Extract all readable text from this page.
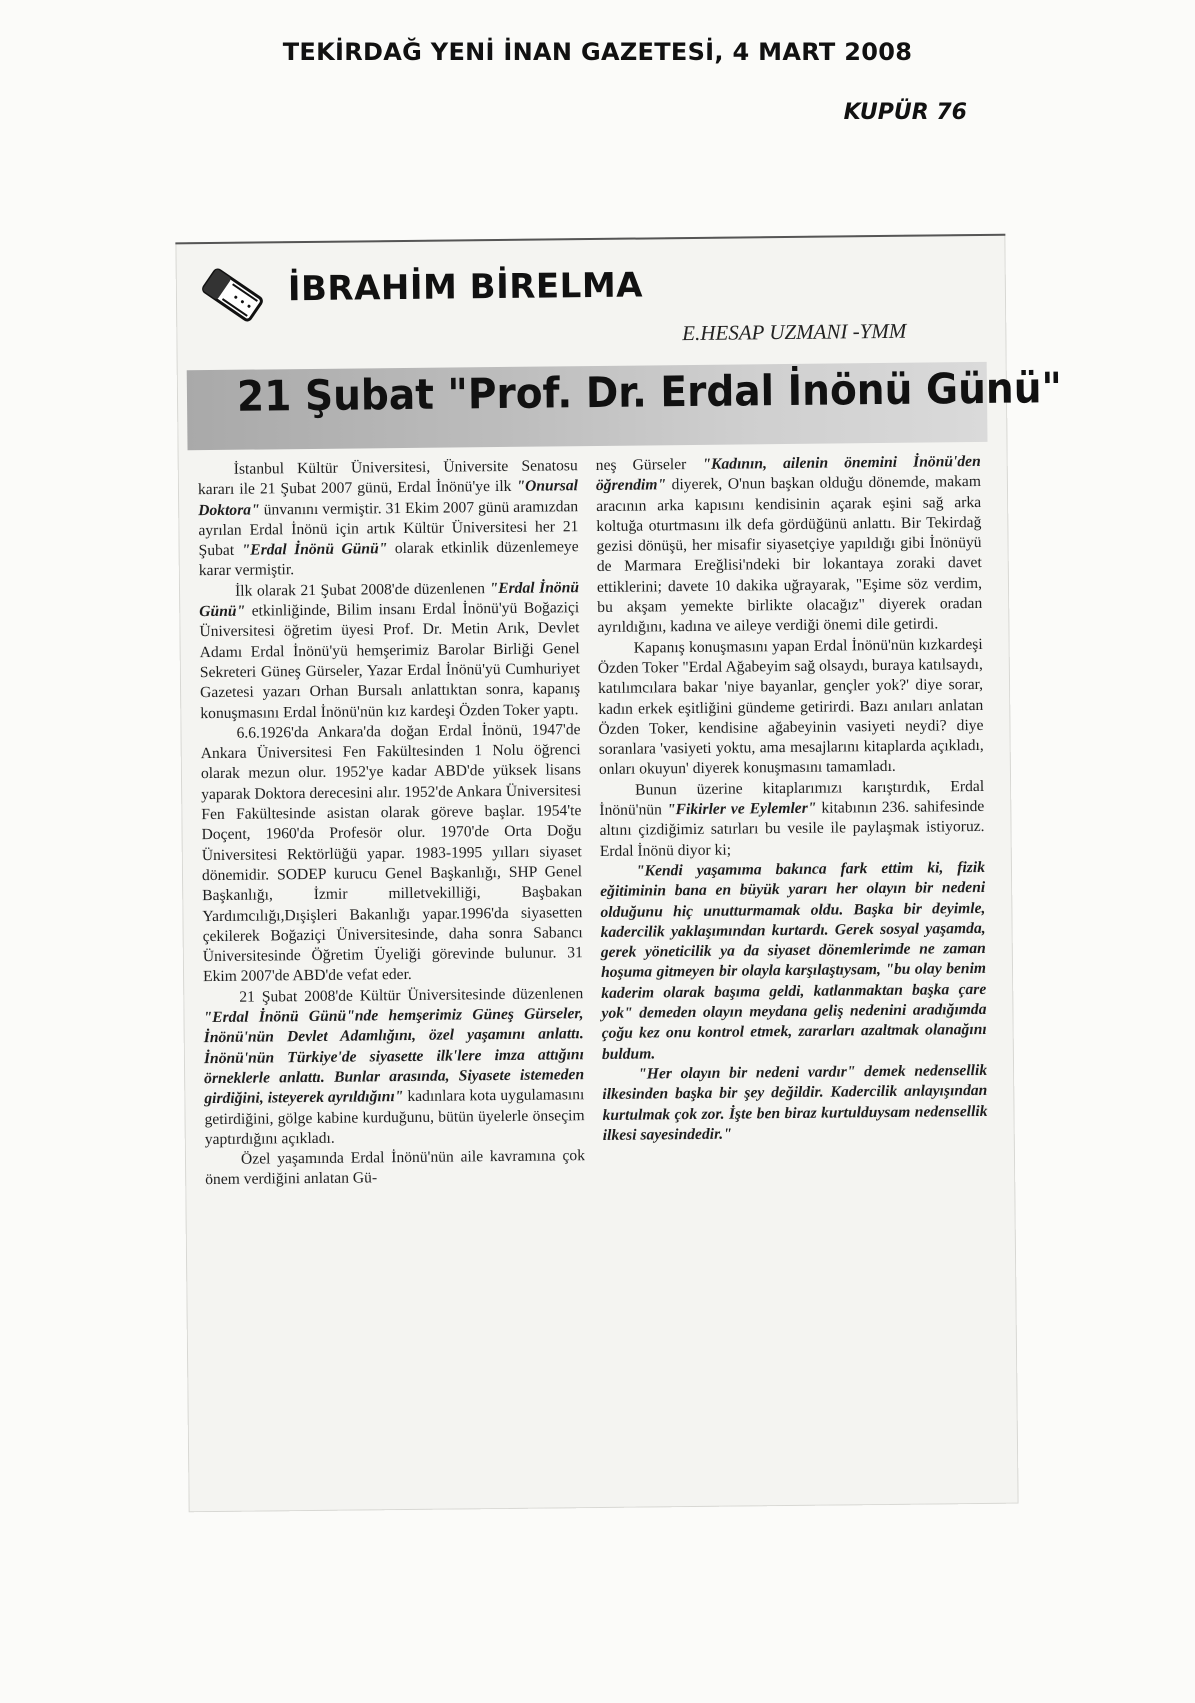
TEKİRDAĞ YENİ İNAN GAZETESİ, 4 MART 2008
KUPÜR 76
İBRAHİM BİRELMA
E.HESAP UZMANI -YMM
21 Şubat "Prof. Dr. Erdal İnönü Günü"

İstanbul Kültür Üniversitesi, Üniversite Senatosu kararı ile 21 Şubat 2007 günü, Erdal İnönü'ye ilk "Onursal Doktora" ünvanını vermiştir. 31 Ekim 2007 günü aramızdan ayrılan Erdal İnönü için artık Kültür Üniversitesi her 21 Şubat "Erdal İnönü Günü" olarak etkinlik düzenlemeye karar vermiştir.

İlk olarak 21 Şubat 2008'de düzenlenen "Erdal İnönü Günü" etkinliğinde, Bilim insanı Erdal İnönü'yü Boğaziçi Üniversitesi öğretim üyesi Prof. Dr. Metin Arık, Devlet Adamı Erdal İnönü'yü hemşerimiz Barolar Birliği Genel Sekreteri Güneş Gürseler, Yazar Erdal İnönü'yü Cumhuriyet Gazetesi yazarı Orhan Bursalı anlattıktan sonra, kapanış konuşmasını Erdal İnönü'nün kız kardeşi Özden Toker yaptı.

6.6.1926'da Ankara'da doğan Erdal İnönü, 1947'de Ankara Üniversitesi Fen Fakültesinden 1 Nolu öğrenci olarak mezun olur. 1952'ye kadar ABD'de yüksek lisans yaparak Doktora derecesini alır. 1952'de Ankara Üniversitesi Fen Fakültesinde asistan olarak göreve başlar. 1954'te Doçent, 1960'da Profesör olur. 1970'de Orta Doğu Üniversitesi Rektörlüğü yapar. 1983-1995 yılları siyaset dönemidir. SODEP kurucu Genel Başkanlığı, SHP Genel Başkanlığı, İzmir milletvekilliği, Başbakan Yardımcılığı,Dışişleri Bakanlığı yapar.1996'da siyasetten çekilerek Boğaziçi Üniversitesinde, daha sonra Sabancı Üniversitesinde Öğretim Üyeliği görevinde bulunur. 31 Ekim 2007'de ABD'de vefat eder.

21 Şubat 2008'de Kültür Üniversitesinde düzenlenen "Erdal İnönü Günü"nde hemşerimiz Güneş Gürseler, İnönü'nün Devlet Adamlığını, özel yaşamını anlattı. İnönü'nün Türkiye'de siyasette ilk'lere imza attığını örneklerle anlattı. Bunlar arasında, Siyasete istemeden girdiğini, isteyerek ayrıldığını" kadınlara kota uygulamasını getirdiğini, gölge kabine kurduğunu, bütün üyelerle önseçim yaptırdığını açıkladı.

Özel yaşamında Erdal İnönü'nün aile kavramına çok önem verdiğini anlatan Gü-

neş Gürseler "Kadının, ailenin önemini İnönü'den öğrendim" diyerek, O'nun başkan olduğu dönemde, makam aracının arka kapısını kendisinin açarak eşini sağ arka koltuğa oturtmasını ilk defa gördüğünü anlattı. Bir Tekirdağ gezisi dönüşü, her misafir siyasetçiye yapıldığı gibi İnönüyü de Marmara Ereğlisi'ndeki bir lokantaya zoraki davet ettiklerini; davete 10 dakika uğrayarak, "Eşime söz verdim, bu akşam yemekte birlikte olacağız" diyerek oradan ayrıldığını, kadına ve aileye verdiği önemi dile getirdi.

Kapanış konuşmasını yapan Erdal İnönü'nün kızkardeşi Özden Toker "Erdal Ağabeyim sağ olsaydı, buraya katılsaydı, katılımcılara bakar 'niye bayanlar, gençler yok?' diye sorar, kadın erkek eşitliğini gündeme getirirdi. Bazı anıları anlatan Özden Toker, kendisine ağabeyinin vasiyeti neydi? diye soranlara 'vasiyeti yoktu, ama mesajlarını kitaplarda açıkladı, onları okuyun' diyerek konuşmasını tamamladı.

Bunun üzerine kitaplarımızı karıştırdık, Erdal İnönü'nün "Fikirler ve Eylemler" kitabının 236. sahifesinde altını çizdiğimiz satırları bu vesile ile paylaşmak istiyoruz. Erdal İnönü diyor ki;

"Kendi yaşamıma bakınca fark ettim ki, fizik eğitiminin bana en büyük yararı her olayın bir nedeni olduğunu hiç unutturmamak oldu. Başka bir deyimle, kadercilik yaklaşımından kurtardı. Gerek sosyal yaşamda, gerek yöneticilik ya da siyaset dönemlerimde ne zaman hoşuma gitmeyen bir olayla karşılaştıysam, "bu olay benim kaderim olarak başıma geldi, katlanmaktan başka çare yok" demeden olayın meydana geliş nedenini aradığımda çoğu kez onu kontrol etmek, zararları azaltmak olanağını buldum.

"Her olayın bir nedeni vardır" demek nedensellik ilkesinden başka bir şey değildir. Kadercilik anlayışından kurtulmak çok zor. İşte ben biraz kurtulduysam nedensellik ilkesi sayesindedir."
